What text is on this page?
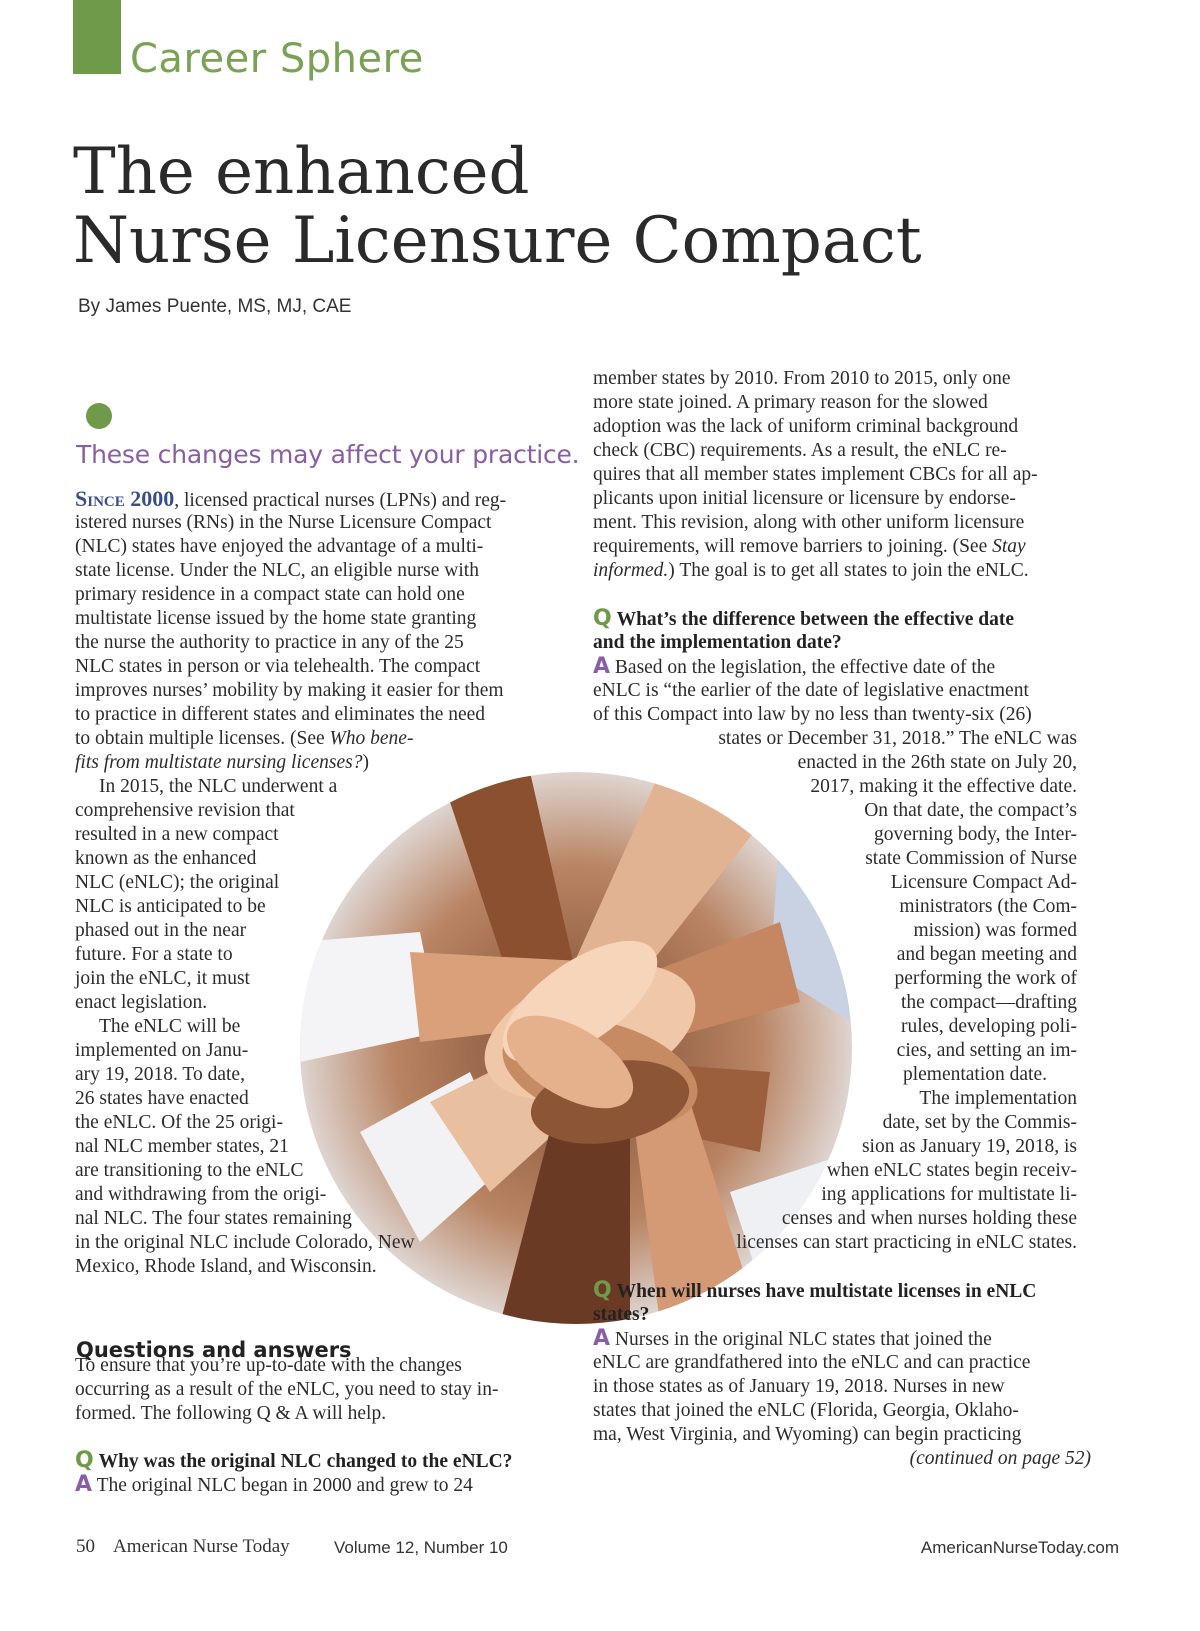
Career Sphere
The enhanced
Nurse Licensure Compact
By James Puente, MS, MJ, CAE
These changes may affect your practice.
Since 2000, licensed practical nurses (LPNs) and reg-
istered nurses (RNs) in the Nurse Licensure Compact
(NLC) states have enjoyed the advantage of a multi-
state license. Under the NLC, an eligible nurse with
primary residence in a compact state can hold one
multistate license issued by the home state granting
the nurse the authority to practice in any of the 25
NLC states in person or via telehealth. The compact
improves nurses’ mobility by making it easier for them
to practice in different states and eliminates the need
to obtain multiple licenses. (See Who bene-
fits from multistate nursing licenses?)
In 2015, the NLC underwent a
comprehensive revision that
resulted in a new compact
known as the enhanced
NLC (eNLC); the original
NLC is anticipated to be
phased out in the near
future. For a state to
join the eNLC, it must
enact legislation.
The eNLC will be
implemented on Janu-
ary 19, 2018. To date,
26 states have enacted
the eNLC. Of the 25 origi-
nal NLC member states, 21
are transitioning to the eNLC
and withdrawing from the origi-
nal NLC. The four states remaining
in the original NLC include Colorado, New
Mexico, Rhode Island, and Wisconsin.
To ensure that you’re up-to-date with the changes
occurring as a result of the eNLC, you need to stay in-
formed. The following Q & A will help.
Q Why was the original NLC changed to the eNLC?
A The original NLC began in 2000 and grew to 24
Questions and answers
member states by 2010. From 2010 to 2015, only one
more state joined. A primary reason for the slowed
adoption was the lack of uniform criminal background
check (CBC) requirements. As a result, the eNLC re-
quires that all member states implement CBCs for all ap-
plicants upon initial licensure or licensure by endorse-
ment. This revision, along with other uniform licensure
requirements, will remove barriers to joining. (See Stay
informed.) The goal is to get all states to join the eNLC.
Q What’s the difference between the effective date
and the implementation date?
A Based on the legislation, the effective date of the
eNLC is “the earlier of the date of legislative enactment
of this Compact into law by no less than twenty-six (26)
states or December 31, 2018.” The eNLC was
enacted in the 26th state on July 20,
2017, making it the effective date.
On that date, the compact’s
governing body, the Inter-
state Commission of Nurse
Licensure Compact Ad-
ministrators (the Com-
mission) was formed
and began meeting and
performing the work of
the compact—drafting
rules, developing poli-
cies, and setting an im-
plementation date.
The implementation
date, set by the Commis-
sion as January 19, 2018, is
when eNLC states begin receiv-
ing applications for multistate li-
censes and when nurses holding these
licenses can start practicing in eNLC states.
Q When will nurses have multistate licenses in eNLC
states?
A Nurses in the original NLC states that joined the
eNLC are grandfathered into the eNLC and can practice
in those states as of January 19, 2018. Nurses in new
states that joined the eNLC (Florida, Georgia, Oklaho-
ma, West Virginia, and Wyoming) can begin practicing
(continued on page 52)
50 American Nurse Today	Volume 12, Number 10	AmericanNurseToday.com
